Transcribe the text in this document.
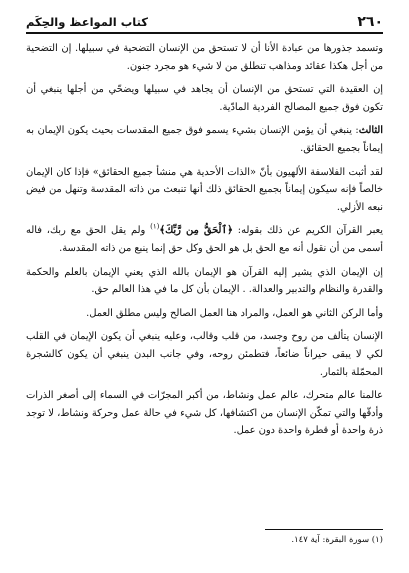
٢٦٠
كتاب المواعظ والحِكَم

وتسمد جذورها من عبادة الأنا أن لا تستحق من الإنسان التضحية في سبيلها. إن التضحية من أجل هكذا عقائد ومذاهب تنطلق من لا شيء هو مجرد جنون.

إن العقيدة التي تستحق من الإنسان أن يجاهد في سبيلها ويضحّي من أجلها ينبغي أن تكون فوق جميع المصالح الفردية المادّية.

الثالث: ينبغي أن يؤمن الإنسان بشيء يسمو فوق جميع المقدسات بحيث يكون الإيمان به إيماناً بجميع الحقائق.

لقد أثبت الفلاسفة الألهيون بأنّ «الذات الأحدية هي منشأ جميع الحقائق» فإذا كان الإيمان خالصاً فإنه سيكون إيماناً بجميع الحقائق ذلك أنها تنبعث من ذاته المقدسة وتنهل من فيض نبعه الأزلي.

يعبر القرآن الكريم عن ذلك بقوله: ﴿ٱلْحَقُّ مِن رَّبِّكَ﴾$^{(١)}$ ولم يقل الحق مع ربك، فاله أسمى من أن نقول أنه مع الحق بل هو الحق وكل حق إنما ينبع من ذاته المقدسة.

إن الإيمان الذي يشير إليه القرآن هو الإيمان بالله الذي يعني الإيمان بالعلم والحكمة والقدرة والنظام والتدبير والعدالة. . الإيمان بأن كل ما في هذا العالم حق.

وأما الركن الثاني هو العمل، والمراد هنا العمل الصالح وليس مطلق العمل.

الإنسان يتألف من روح وجسد، من قلب وقالب، وعليه ينبغي أن يكون الإيمان في القلب لكي لا يبقى حيراناً ضائعاً، فتطمئن روحه، وفي جانب البدن ينبغي أن يكون كالشجرة المحمّلة بالثمار.

عالمنا عالم متحرك، عالم عمل ونشاط، من أكبر المجرّات في السماء إلى أصغر الذرات وأدقّها والتي تمكّن الإنسان من اكتشافها، كل شيء في حالة عمل وحركة ونشاط، لا توجد ذرة واحدة أو قطرة واحدة دون عمل.

(١) سورة البقرة: آية ١٤٧.
